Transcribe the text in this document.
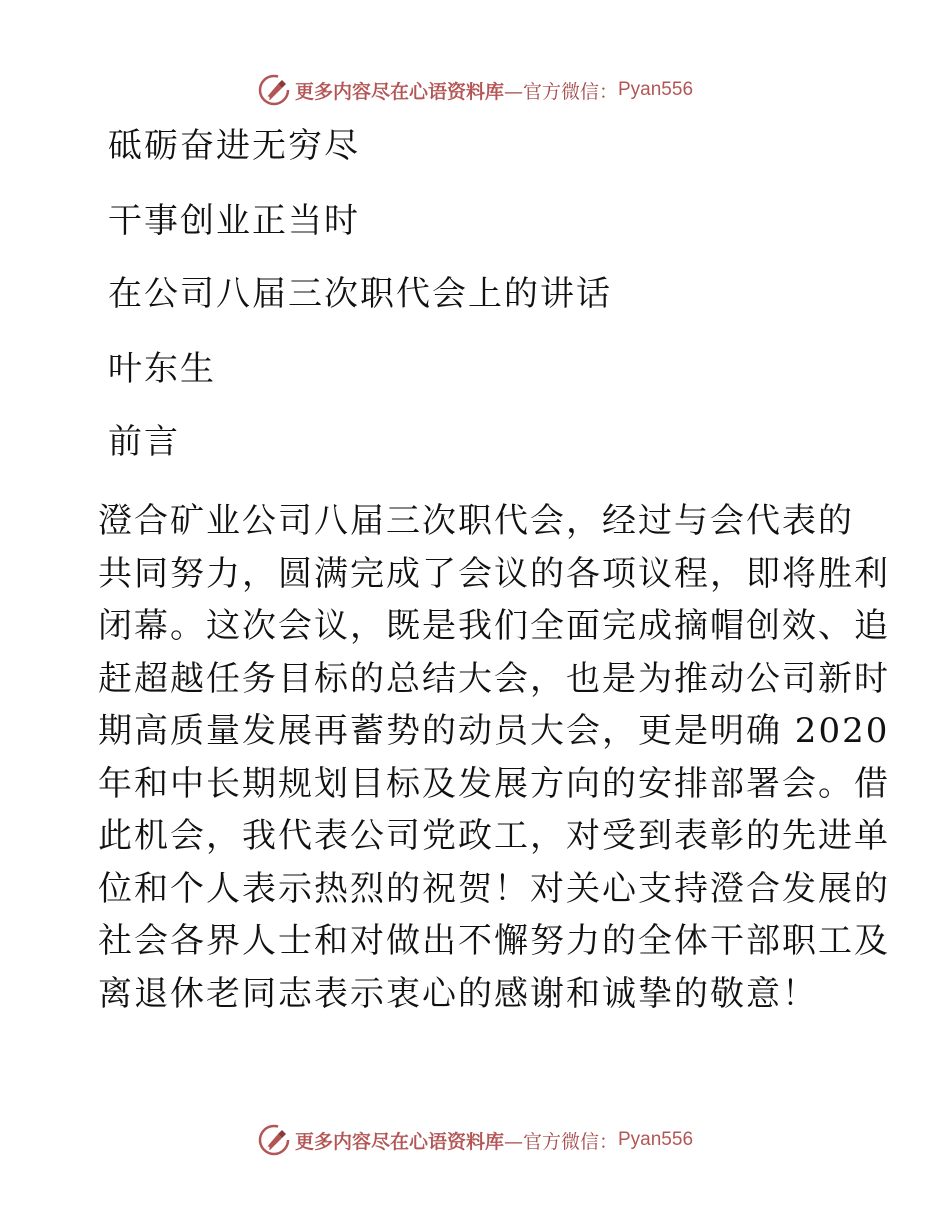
更多内容尽在心语资料库 —官方微信： Pyan556
砥砺奋进无穷尽
干事创业正当时
在公司八届三次职代会上的讲话
叶东生
前言
澄合矿业公司八届三次职代会，经过与会代表的
共同努力，圆满完成了会议的各项议程，即将胜利
闭幕。这次会议，既是我们全面完成摘帽创效、追
赶超越任务目标的总结大会，也是为推动公司新时
期高质量发展再蓄势的动员大会，更是明确 2020
年和中长期规划目标及发展方向的安排部署会。借
此机会，我代表公司党政工，对受到表彰的先进单
位和个人表示热烈的祝贺！对关心支持澄合发展的
社会各界人士和对做出不懈努力的全体干部职工及
离退休老同志表示衷心的感谢和诚挚的敬意！
更多内容尽在心语资料库 —官方微信： Pyan556
